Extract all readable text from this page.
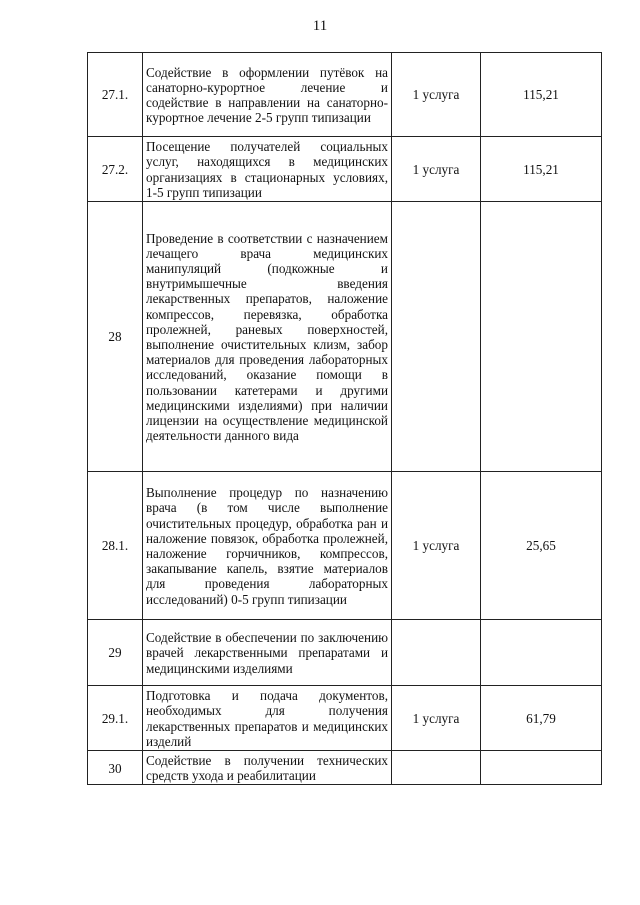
11
27.1.	Содействие в оформлении путёвок на санаторно-курортное лечение и содействие в направлении на санаторно-курортное лечение 2-5 групп типизации	1 услуга	115,21
27.2.	Посещение получателей социальных услуг, находящихся в медицинских организациях в стационарных условиях, 1-5 групп типизации	1 услуга	115,21
28	Проведение в соответствии с назначением лечащего врача медицинских манипуляций (подкожные и внутримышечные введения лекарственных препаратов, наложение компрессов, перевязка, обработка пролежней, раневых поверхностей, выполнение очистительных клизм, забор материалов для проведения лабораторных исследований, оказание помощи в пользовании катетерами и другими медицинскими изделиями) при наличии лицензии на осуществление медицинской деятельности данного вида		
28.1.	Выполнение процедур по назначению врача (в том числе выполнение очистительных процедур, обработка ран и наложение повязок, обработка пролежней, наложение горчичников, компрессов, закапывание капель, взятие материалов для проведения лабораторных исследований) 0-5 групп типизации	1 услуга	25,65
29	Содействие в обеспечении по заключению врачей лекарственными препаратами и медицинскими изделиями		
29.1.	Подготовка и подача документов, необходимых для получения лекарственных препаратов и медицинских изделий	1 услуга	61,79
30	Содействие в получении технических средств ухода и реабилитации		
